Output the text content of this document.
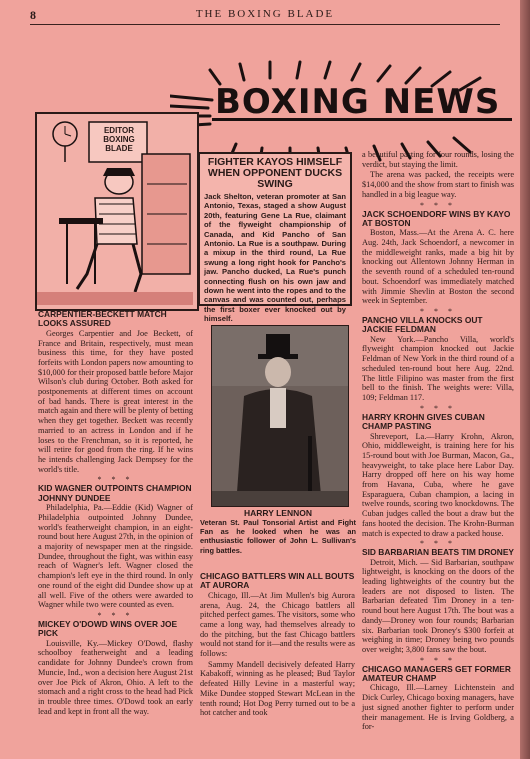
8	THE BOXING BLADE
BOXING NEWS
EDITOR BOXING BLADE
FIGHTER KAYOS HIMSELF WHEN OPPONENT DUCKS SWING
Jack Shelton, veteran promoter at San Antonio, Texas, staged a show August 20th, featuring Gene La Rue, claimant of the flyweight championship of Canada, and Kid Pancho of San Antonio. La Rue is a southpaw. During a mixup in the third round, La Rue swung a long right hook for Pancho's jaw. Pancho ducked, La Rue's punch connecting flush on his own jaw and down he went into the ropes and to the canvas and was counted out, perhaps the first boxer ever knocked out by himself.
HARRY LENNON
Veteran St. Paul Tonsorial Artist and Fight Fan as he looked when he was an enthusiastic follower of John L. Sullivan's ring battles.
CARPENTIER-BECKETT MATCH LOOKS ASSURED

Georges Carpentier and Joe Beckett, of France and Britain, respectively, must mean business this time, for they have posted forfeits with London papers now amounting to $10,000 for their proposed battle before Major Wilson's club during October. Both asked for postponements at different times on account of bad hands. There is great interest in the match again and there will be plenty of betting when they get together. Beckett was recently married to an actress in London and if he loses to the Frenchman, so it is reported, he will retire for good from the ring. If he wins he intends challenging Jack Dempsey for the world's title.

* * *
KID WAGNER OUTPOINTS CHAMPION JOHNNY DUNDEE

Philadelphia, Pa.—Eddie (Kid) Wagner of Philadelphia outpointed Johnny Dundee, world's featherweight champion, in an eight-round bout here August 27th, in the opinion of a majority of newspaper men at the ringside. Dundee, throughout the fight, was within easy reach of Wagner's left. Wagner closed the champion's left eye in the third round. In only one round of the eight did Dundee show up at all well. Five of the others were awarded to Wagner while two were counted as even.

* * *
MICKEY O'DOWD WINS OVER JOE PICK

Louisville, Ky.—Mickey O'Dowd, flashy schoolboy featherweight and a leading candidate for Johnny Dundee's crown from Muncie, Ind., won a decision here August 21st over Joe Pick of Akron, Ohio. A left to the stomach and a right cross to the head had Pick in trouble three times. O'Dowd took an early lead and kept in front all the way.

CHICAGO BATTLERS WIN ALL BOUTS AT AURORA

Chicago, Ill.—At Jim Mullen's big Aurora arena, Aug. 24, the Chicago battlers all pitched perfect games. The visitors, some who came a long way, had themselves already to do the pitching, but the fast Chicago battlers would not stand for it—and the results were as follows:

Sammy Mandell decisively defeated Harry Kabakoff, winning as he pleased; Bud Taylor defeated Hilly Levine in a masterful way; Mike Dundee stopped Stewart McLean in the tenth round; Hot Dog Perry turned out to be a hot catcher and took

a beautiful pasting for four rounds, losing the verdict, but staying the limit.

The arena was packed, the receipts were $14,000 and the show from start to finish was handled in a big league way.

* * *
JACK SCHOENDORF WINS BY KAYO AT BOSTON

Boston, Mass.—At the Arena A. C. here Aug. 24th, Jack Schoendorf, a newcomer in the middleweight ranks, made a big hit by knocking out Allentown Johnny Herman in the seventh round of a scheduled ten-round bout. Schoendorf was immediately matched with Jimmie Shevlin at Boston the second week in September.

* * *
PANCHO VILLA KNOCKS OUT JACKIE FELDMAN

New York.—Pancho Villa, world's flyweight champion knocked out Jackie Feldman of New York in the third round of a scheduled ten-round bout here Aug. 22nd. The little Filipino was master from the first bell to the finish. The weights were: Villa, 109; Feldman 117.

* * *
HARRY KROHN GIVES CUBAN CHAMP PASTING

Shreveport, La.—Harry Krohn, Akron, Ohio, middleweight, is training here for his 15-round bout with Joe Burman, Macon, Ga., heavyweight, to take place here Labor Day. Harry dropped off here on his way home from Havana, Cuba, where he gave Esparaguera, Cuban champion, a lacing in twelve rounds, scoring two knockdowns. The Cuban judges called the bout a draw but the fans hooted the decision. The Krohn-Burman match is expected to draw a packed house.

* * *
SID BARBARIAN BEATS TIM DRONEY

Detroit, Mich. — Sid Barbarian, southpaw lightweight, is knocking on the doors of the leading lightweights of the country but the leaders are not disposed to listen. The Barbarian defeated Tim Droney in a ten-round bout here August 17th. The bout was a dandy—Droney won four rounds; Barbarian six. Barbarian took Droney's $300 forfeit at weighing in time; Droney being two pounds over weight; 3,800 fans saw the bout.

* * *
CHICAGO MANAGERS GET FORMER AMATEUR CHAMP

Chicago, Ill.—Larney Lichtenstein and Dick Curley, Chicago boxing managers, have just signed another fighter to perform under their management. He is Irving Goldberg, a for-
